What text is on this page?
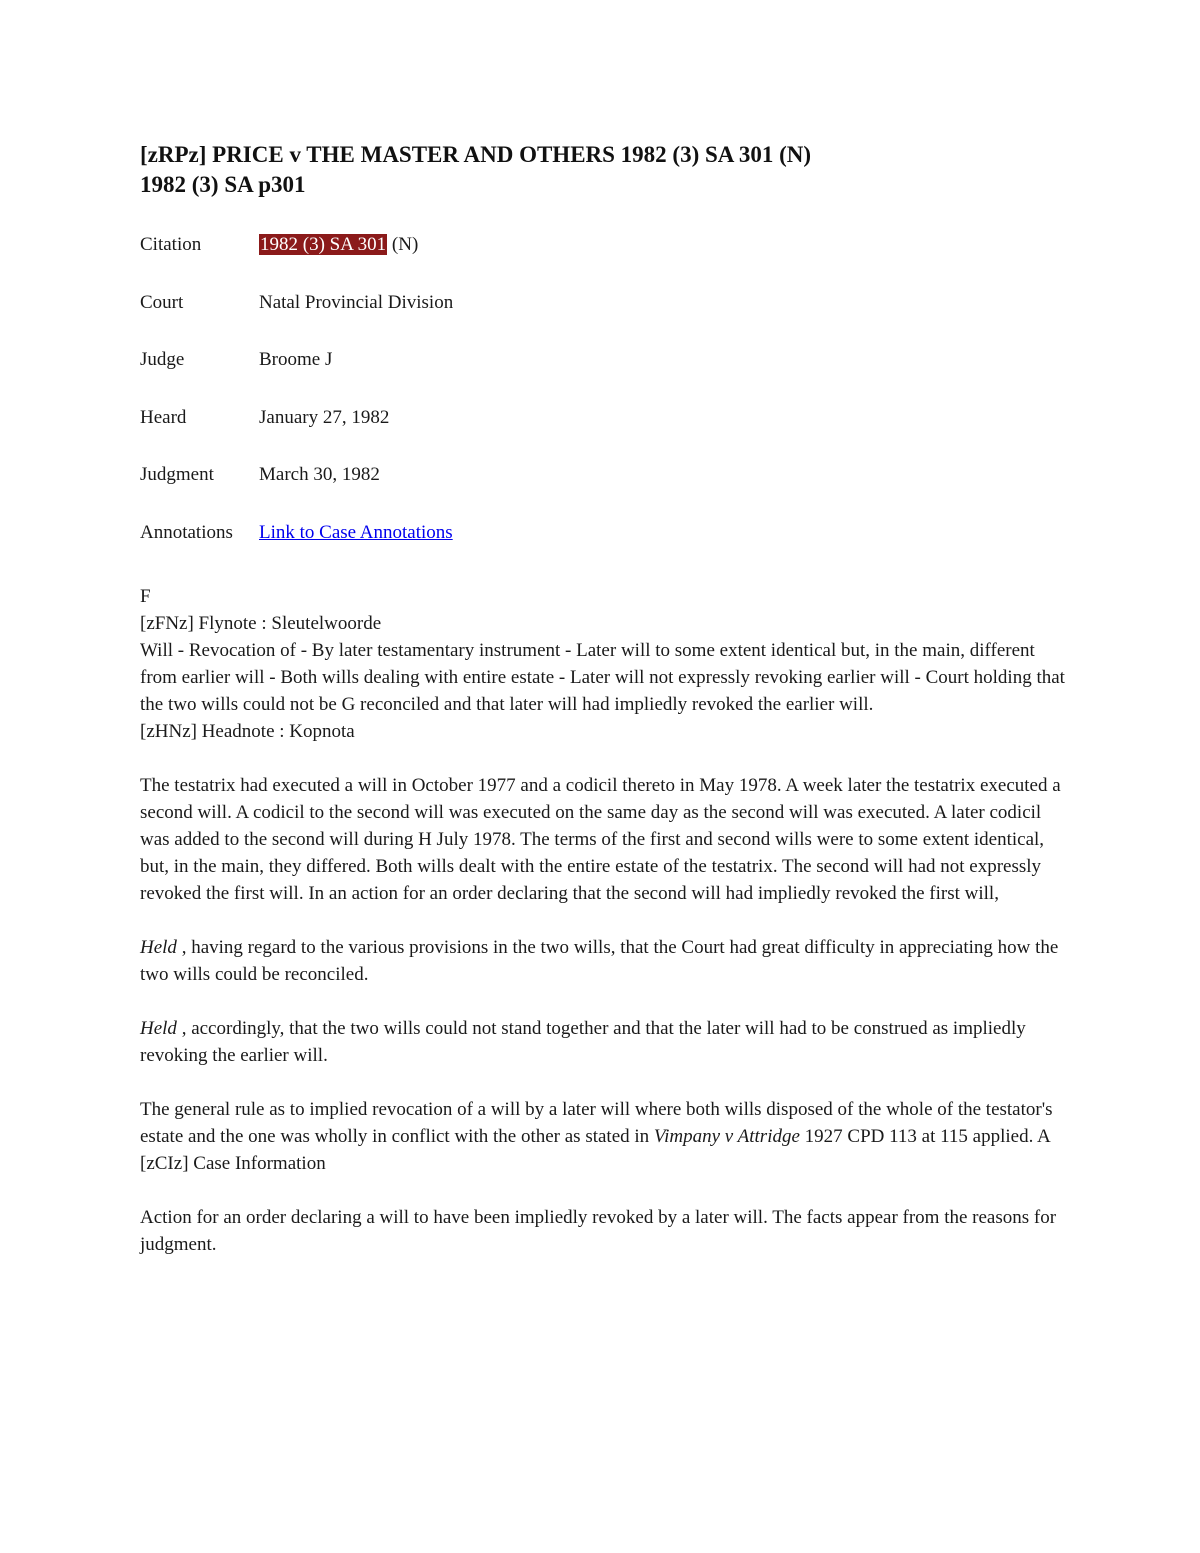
[zRPz] PRICE v THE MASTER AND OTHERS 1982 (3) SA 301 (N)
1982 (3) SA p301
Citation	1982 (3) SA 301 (N)
Court	Natal Provincial Division
Judge	Broome J
Heard	January 27, 1982
Judgment	March 30, 1982
Annotations	Link to Case Annotations
F
[zFNz] Flynote : Sleutelwoorde
Will - Revocation of - By later testamentary instrument - Later will to some extent identical but, in the main, different from earlier will - Both wills dealing with entire estate - Later will not expressly revoking earlier will - Court holding that the two wills could not be G reconciled and that later will had impliedly revoked the earlier will.
[zHNz] Headnote : Kopnota
The testatrix had executed a will in October 1977 and a codicil thereto in May 1978. A week later the testatrix executed a second will. A codicil to the second will was executed on the same day as the second will was executed. A later codicil was added to the second will during H July 1978. The terms of the first and second wills were to some extent identical, but, in the main, they differed. Both wills dealt with the entire estate of the testatrix. The second will had not expressly revoked the first will. In an action for an order declaring that the second will had impliedly revoked the first will,
Held , having regard to the various provisions in the two wills, that the Court had great difficulty in appreciating how the two wills could be reconciled.
Held , accordingly, that the two wills could not stand together and that the later will had to be construed as impliedly revoking the earlier will.
The general rule as to implied revocation of a will by a later will where both wills disposed of the whole of the testator's estate and the one was wholly in conflict with the other as stated in Vimpany v Attridge 1927 CPD 113 at 115 applied. A
[zCIz] Case Information
Action for an order declaring a will to have been impliedly revoked by a later will. The facts appear from the reasons for judgment.
